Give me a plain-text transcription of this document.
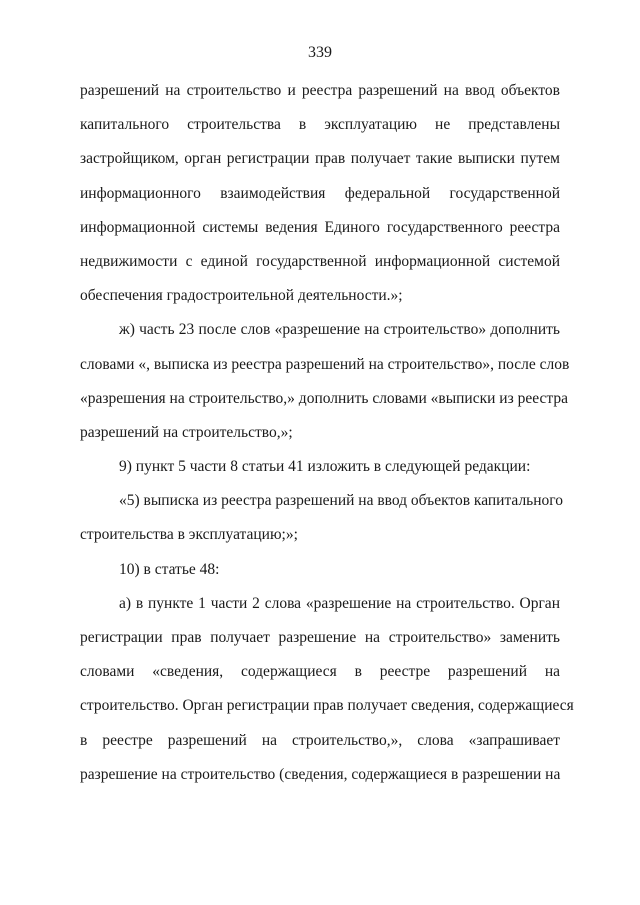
339
разрешений на строительство и реестра разрешений на ввод объектов
капитального строительства в эксплуатацию не представлены
застройщиком, орган регистрации прав получает такие выписки путем
информационного взаимодействия федеральной государственной
информационной системы ведения Единого государственного реестра
недвижимости с единой государственной информационной системой
обеспечения градостроительной деятельности.»;
ж) часть 23 после слов «разрешение на строительство» дополнить
словами «, выписка из реестра разрешений на строительство», после слов
«разрешения на строительство,» дополнить словами «выписки из реестра
разрешений на строительство,»;
9) пункт 5 части 8 статьи 41 изложить в следующей редакции:
«5) выписка из реестра разрешений на ввод объектов капитального
строительства в эксплуатацию;»;
10) в статье 48:
а) в пункте 1 части 2 слова «разрешение на строительство. Орган
регистрации прав получает разрешение на строительство» заменить
словами «сведения, содержащиеся в реестре разрешений на
строительство. Орган регистрации прав получает сведения, содержащиеся
в реестре разрешений на строительство,», слова «запрашивает
разрешение на строительство (сведения, содержащиеся в разрешении на
